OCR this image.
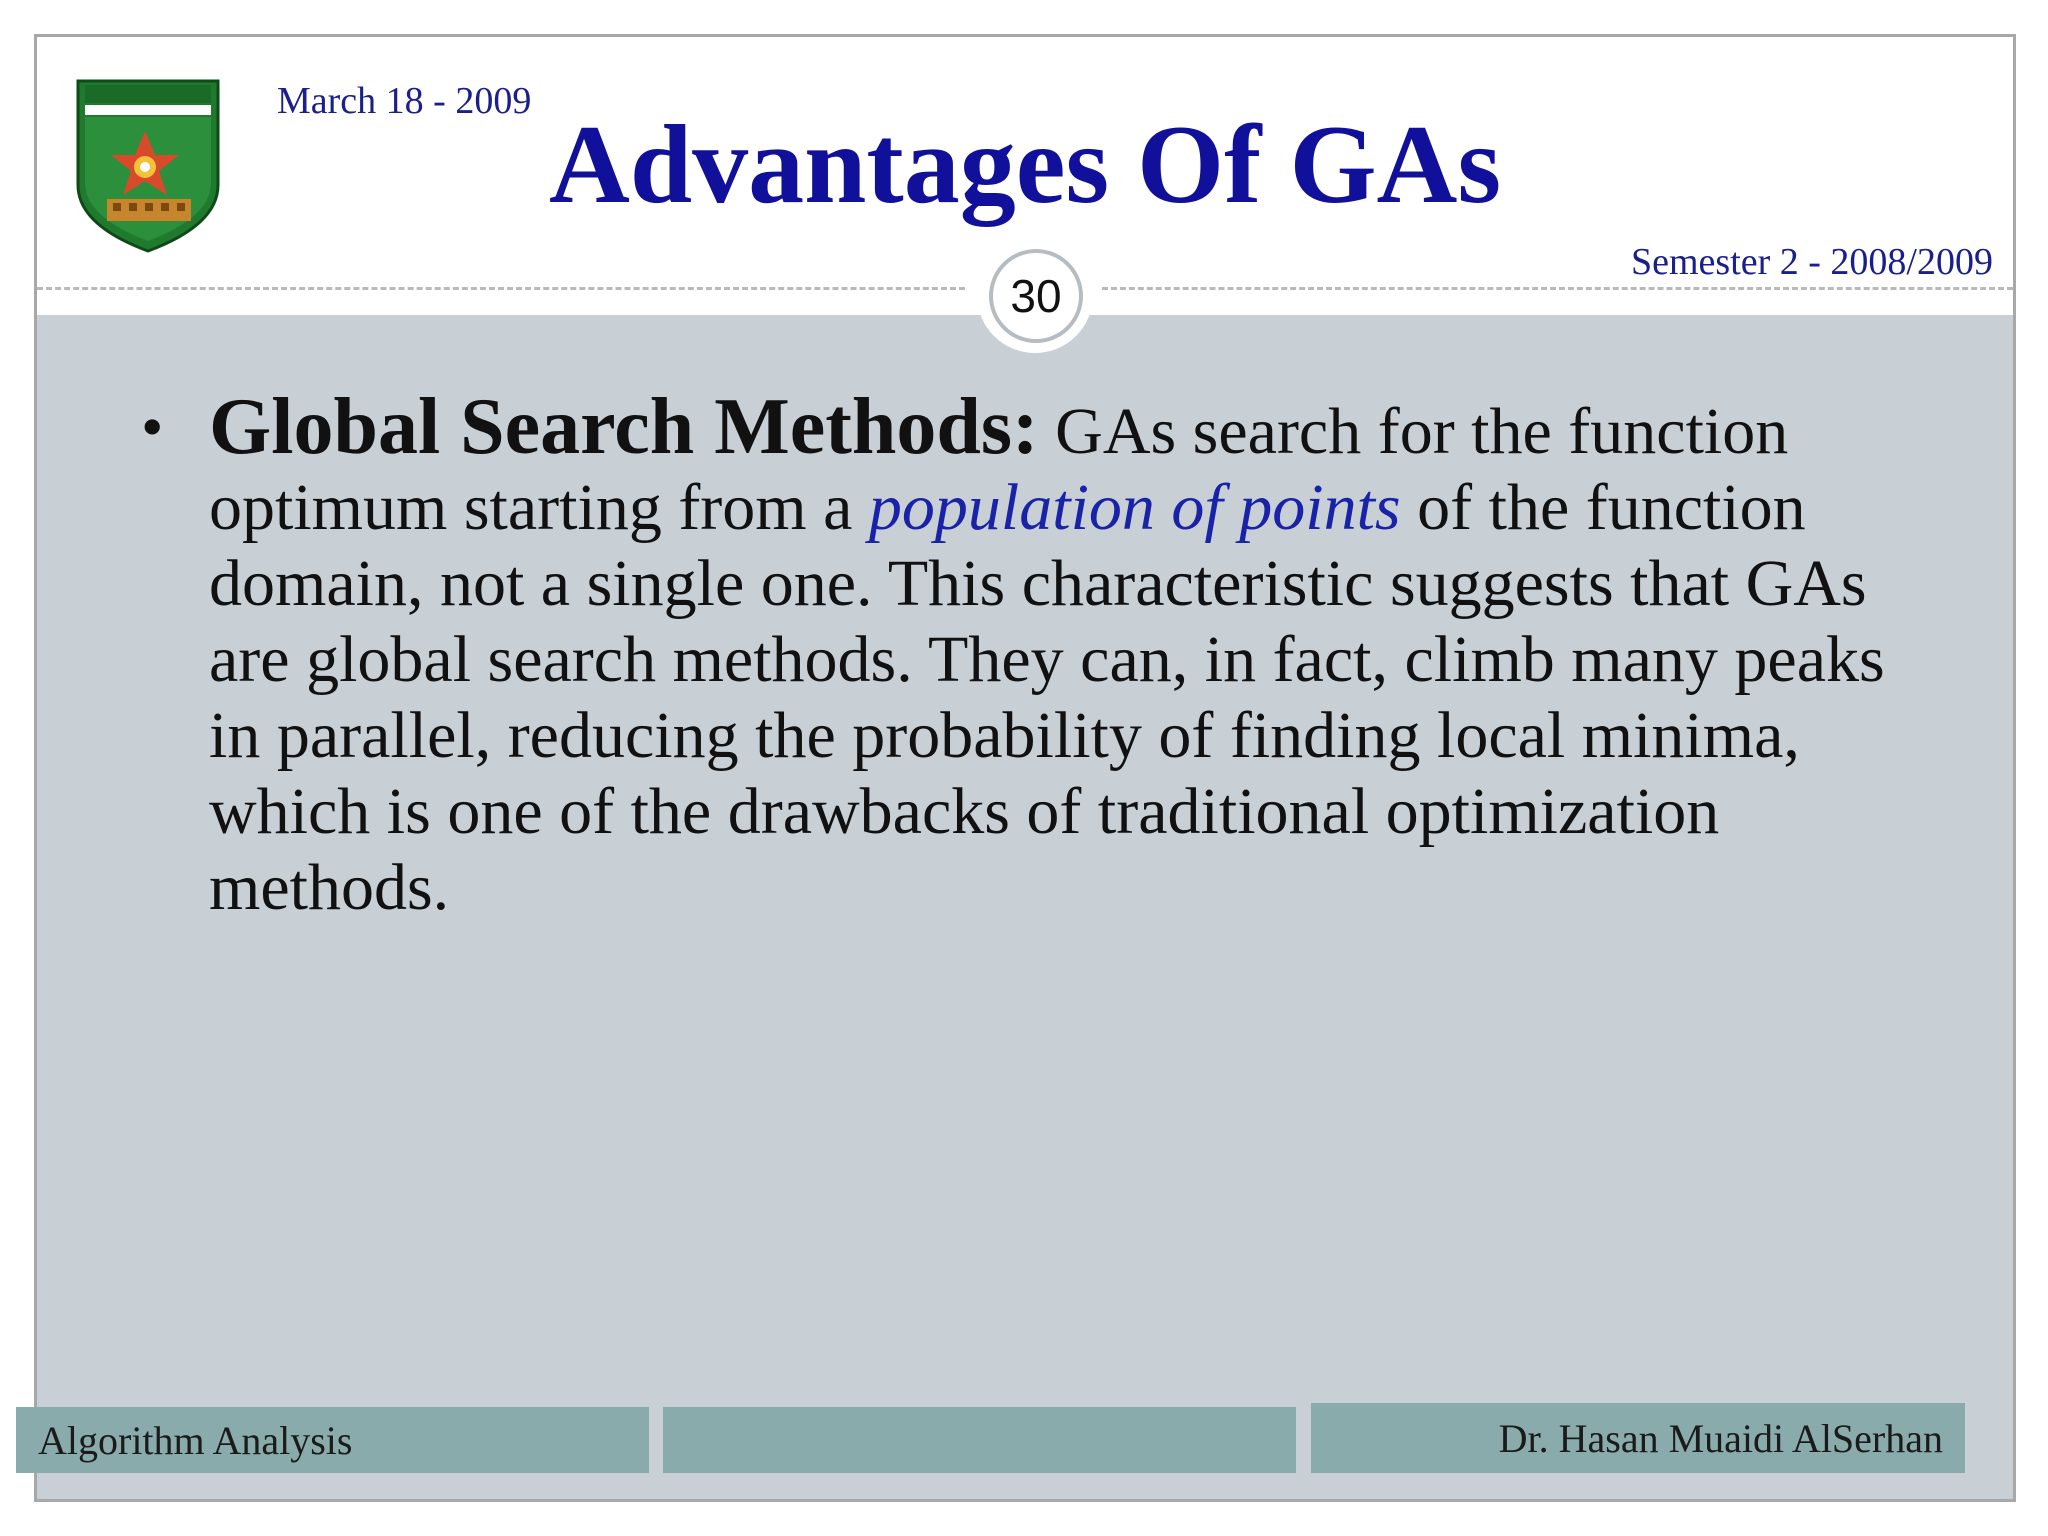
March 18 - 2009
Advantages Of GAs
Semester 2 - 2008/2009
30
• Global Search Methods: GAs search for the function optimum starting from a population of points of the function domain, not a single one. This characteristic suggests that GAs are global search methods. They can, in fact, climb many peaks in parallel, reducing the probability of finding local minima, which is one of the drawbacks of traditional optimization methods.
Algorithm Analysis	Dr. Hasan Muaidi AlSerhan
